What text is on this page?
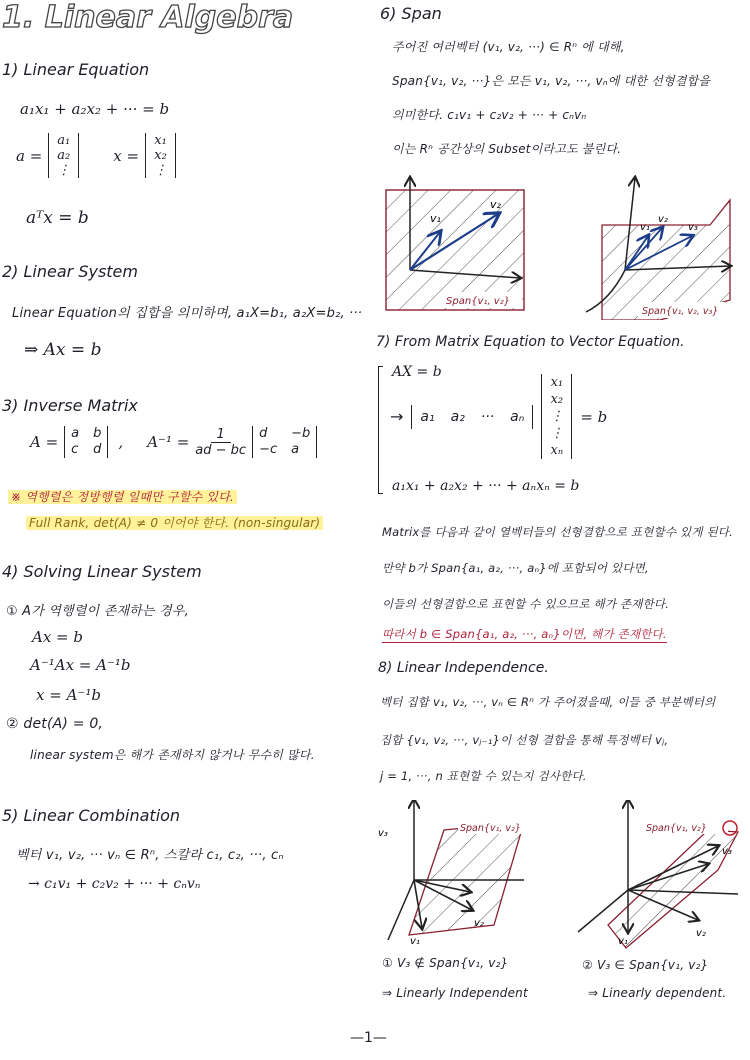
1. Linear Algebra
1) Linear Equation
a₁x₁ + a₂x₂ + ··· = b
a =
a₁
a₂
⋮
x =
x₁
x₂
⋮
aᵀx = b
2) Linear System
Linear Equation의 집합을 의미하며, a₁X=b₁, a₂X=b₂, ···
⇒ Ax = b
3) Inverse Matrix
A = a b
c d , $A^{-1} = \frac{1}{ad - bc}$ d	−b
−c a
※ 역행렬은 정방행렬 일때만 구할수 있다.
Full Rank, det(A) ≠ 0 이어야 한다. (non-singular)
4) Solving Linear System
① A가 역행렬이 존재하는 경우,
Ax = b
A⁻¹Ax = A⁻¹b
x = A⁻¹b
② det(A) = 0,
linear system은 해가 존재하지 않거나 무수히 많다.
5) Linear Combination
벡터 v₁, v₂, ··· vₙ ∈ Rⁿ, 스칼라 c₁, c₂, ···, cₙ
→ c₁v₁ + c₂v₂ + ··· + cₙvₙ
6) Span
주어진 여러벡터 (v₁, v₂, ···) ∈ Rⁿ 에 대해,
Span{v₁, v₂, ···}은 모든 v₁, v₂, ···, vₙ에 대한 선형결합을
의미한다. c₁v₁ + c₂v₂ + ··· + cₙvₙ
이는 Rⁿ 공간상의 Subset이라고도 불린다.
v₁
v₂
Span{v₁, v₂}
v₁
v₂
v₃
Span{v₁, v₂, v₃}
7) From Matrix Equation to Vector Equation.
AX = b
→ a₁ a₂ ··· aₙ
x₁
x₂
⋮
⋮
xₙ
= b
a₁x₁ + a₂x₂ + ··· + aₙxₙ = b
Matrix를 다음과 같이 열벡터들의 선형결합으로 표현할수 있게 된다.
만약 b가 Span{a₁, a₂, ···, aₙ}에 포함되어 있다면,
이들의 선형결합으로 표현할 수 있으므로 해가 존재한다.
따라서 b ∈ Span{a₁, a₂, ···, aₙ}이면, 해가 존재한다.
8) Linear Independence.
벡터 집합 v₁, v₂, ···, vₙ ∈ Rⁿ 가 주어졌을때, 이들 중 부분벡터의
집합 {v₁, v₂, ···, vⱼ₋₁}이 선형 결합을 통해 특정벡터 vⱼ,
j = 1, ···, n 표현할 수 있는지 검사한다.
v₃
v₂
v₁
Span{v₁, v₂}
v₃
v₂
v₁
Span{v₁, v₂}
① V₃ ∉ Span{v₁, v₂}
⇒ Linearly Independent
② V₃ ∈ Span{v₁, v₂}
⇒ Linearly dependent.
—1—
